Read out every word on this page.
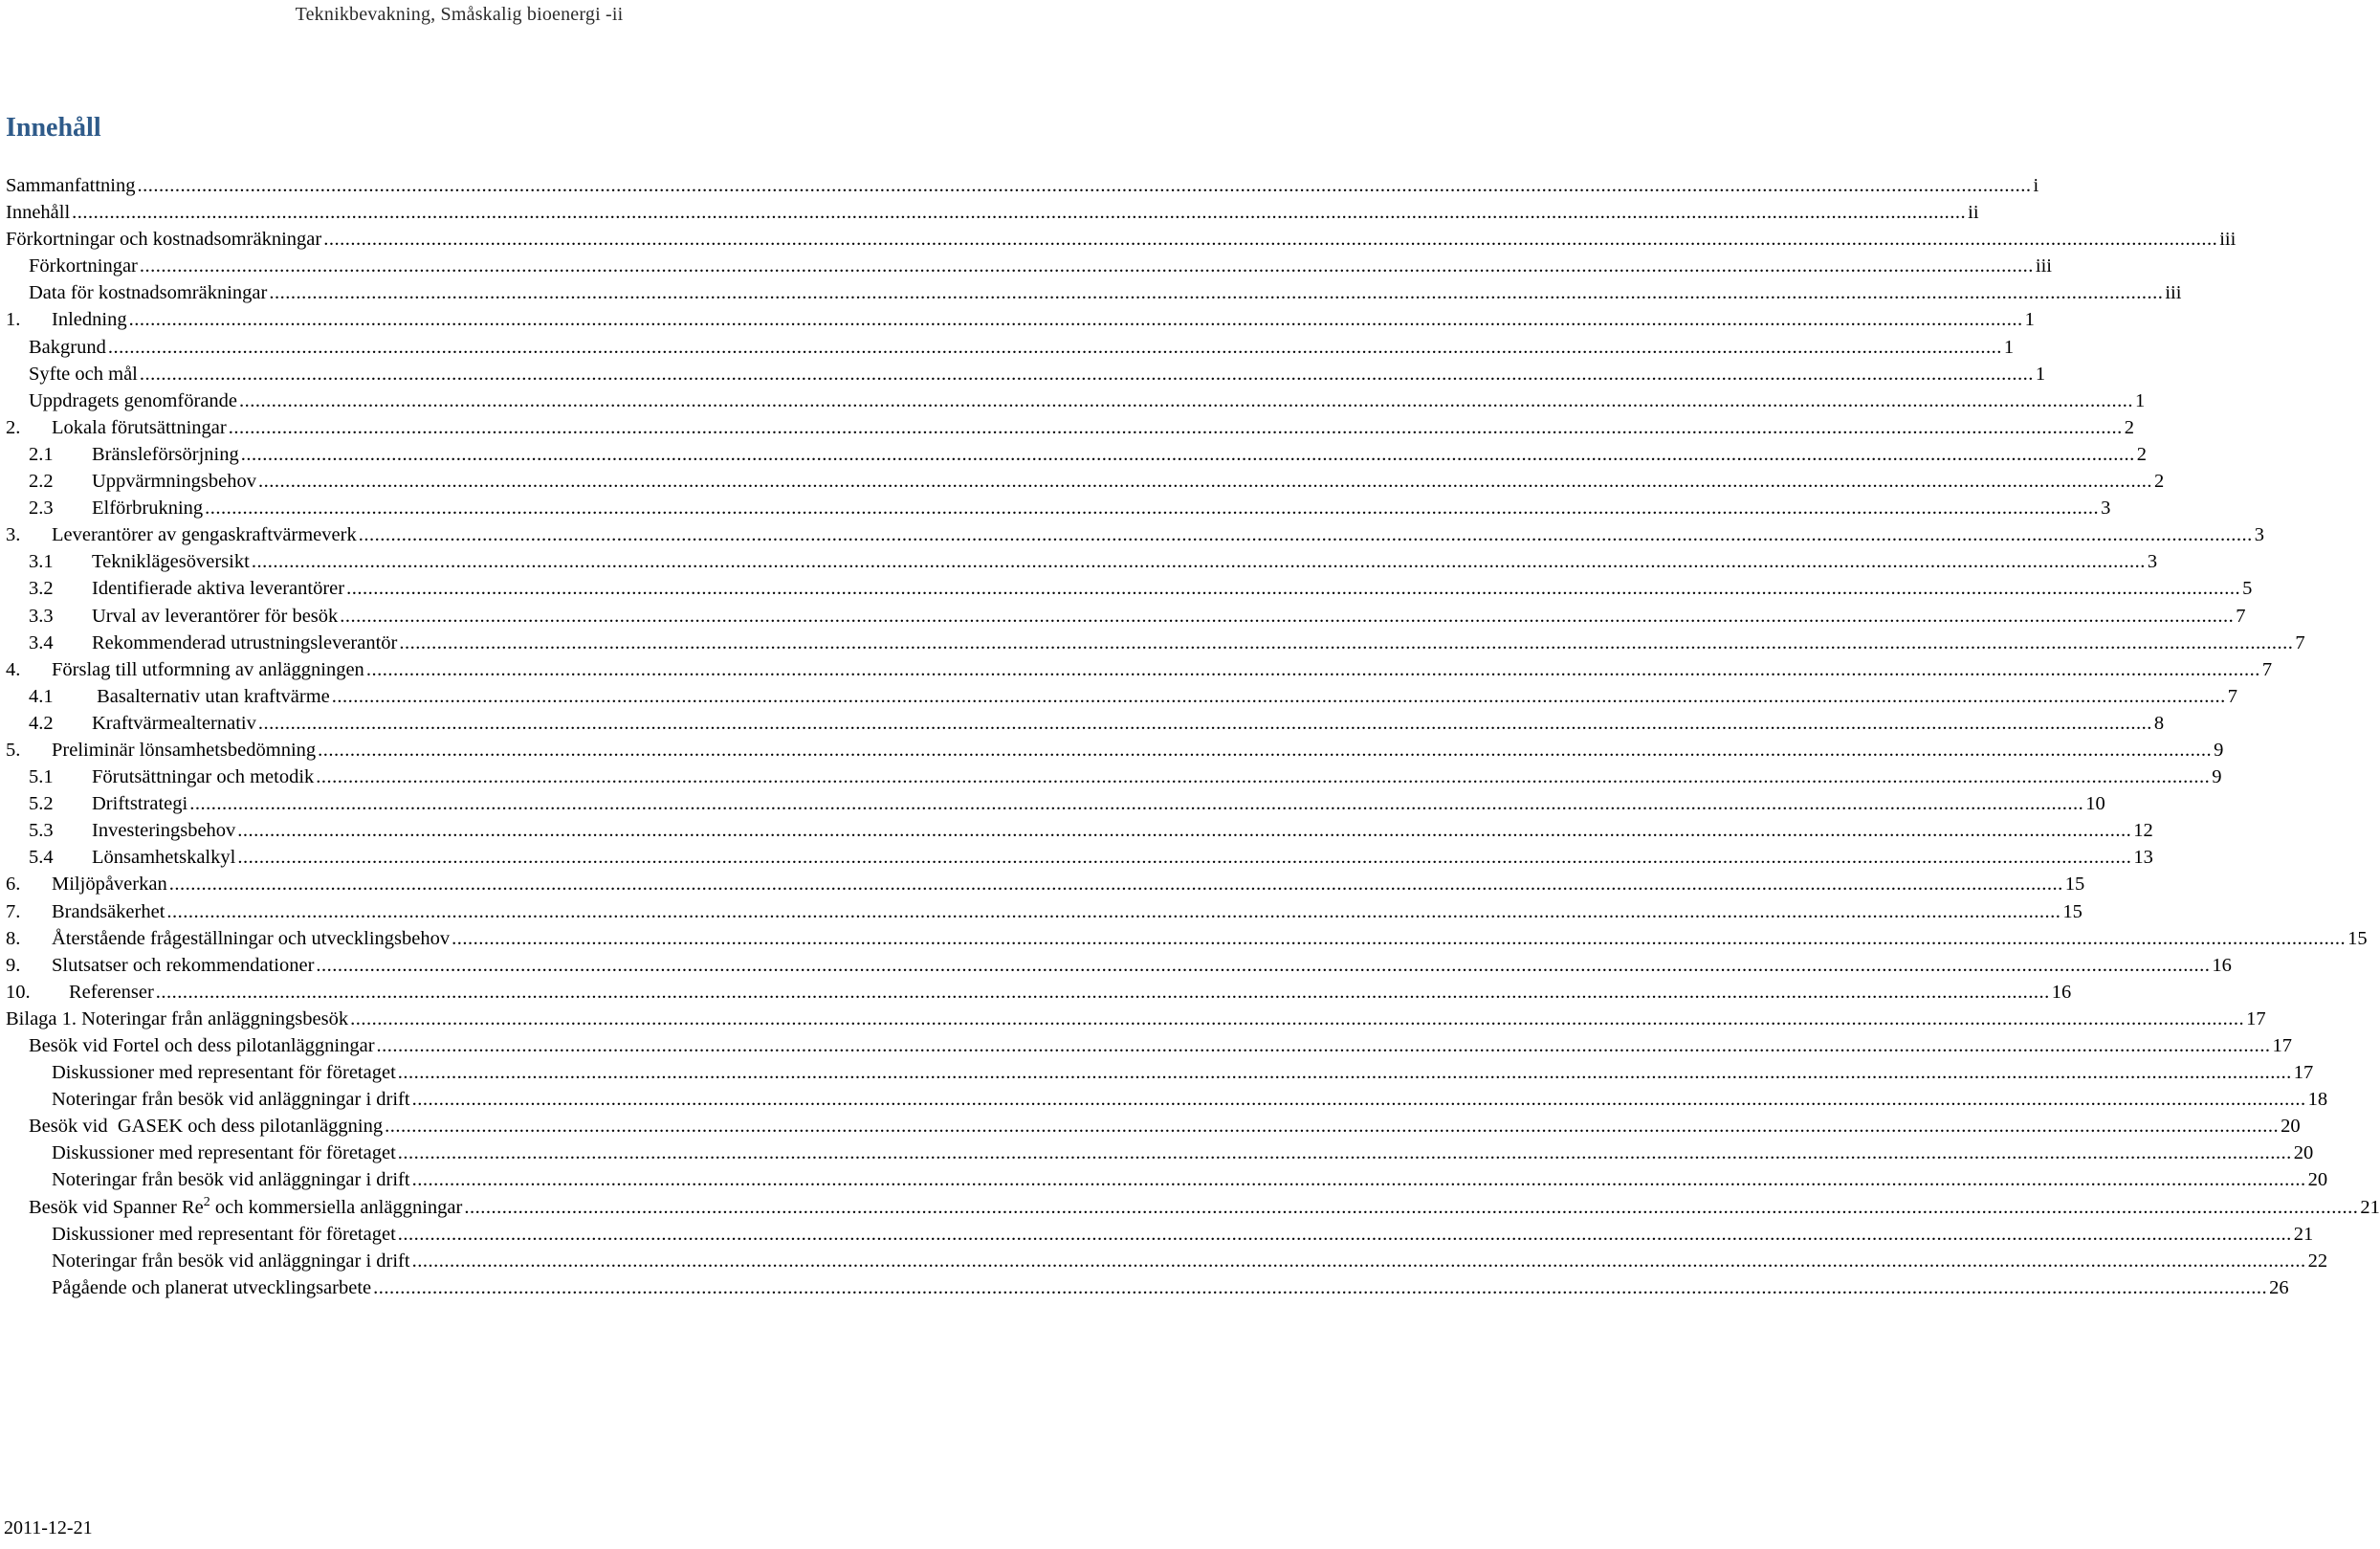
Teknikbevakning, Småskalig bioenergi -ii
Innehåll
Sammanfattning .....	i
Innehåll .....	ii
Förkortningar och kostnadsomräkningar .....	iii
Förkortningar .....	iii
Data för kostnadsomräkningar .....	iii
1.	Inledning .....	1
Bakgrund .....	1
Syfte och mål .....	1
Uppdragets genomförande .....	1
2.	Lokala förutsättningar .....	2
2.1	Bränsleförsörjning .....	2
2.2	Uppvärmningsbehov .....	2
2.3	Elförbrukning .....	3
3.	Leverantörer av gengaskraftvärmeverk .....	3
3.1	Tekniklägesöversikt .....	3
3.2	Identifierade aktiva leverantörer .....	5
3.3	Urval av leverantörer för besök .....	7
3.4	Rekommenderad utrustningsleverantör .....	7
4.	Förslag till utformning av anläggningen .....	7
4.1	Basalternativ utan kraftvärme .....	7
4.2	Kraftvärmealternativ .....	8
5.	Preliminär lönsamhetsbedömning .....	9
5.1	Förutsättningar och metodik .....	9
5.2	Driftstrategi .....	10
5.3	Investeringsbehov .....	12
5.4	Lönsamhetskalkyl .....	13
6.	Miljöpåverkan .....	15
7.	Brandsäkerhet .....	15
8.	Återstående frågeställningar och utvecklingsbehov .....	15
9.	Slutsatser och rekommendationer .....	16
10.	Referenser .....	16
Bilaga 1. Noteringar från anläggningsbesök .....	17
Besök vid Fortel och dess pilotanläggningar .....	17
Diskussioner med representant för företaget .....	17
Noteringar från besök vid anläggningar i drift .....	18
Besök vid  GASEK och dess pilotanläggning .....	20
Diskussioner med representant för företaget .....	20
Noteringar från besök vid anläggningar i drift .....	20
Besök vid Spanner Re$^2$ och kommersiella anläggningar .....	21
Diskussioner med representant för företaget .....	21
Noteringar från besök vid anläggningar i drift .....	22
Pågående och planerat utvecklingsarbete .....	26
2011-12-21
